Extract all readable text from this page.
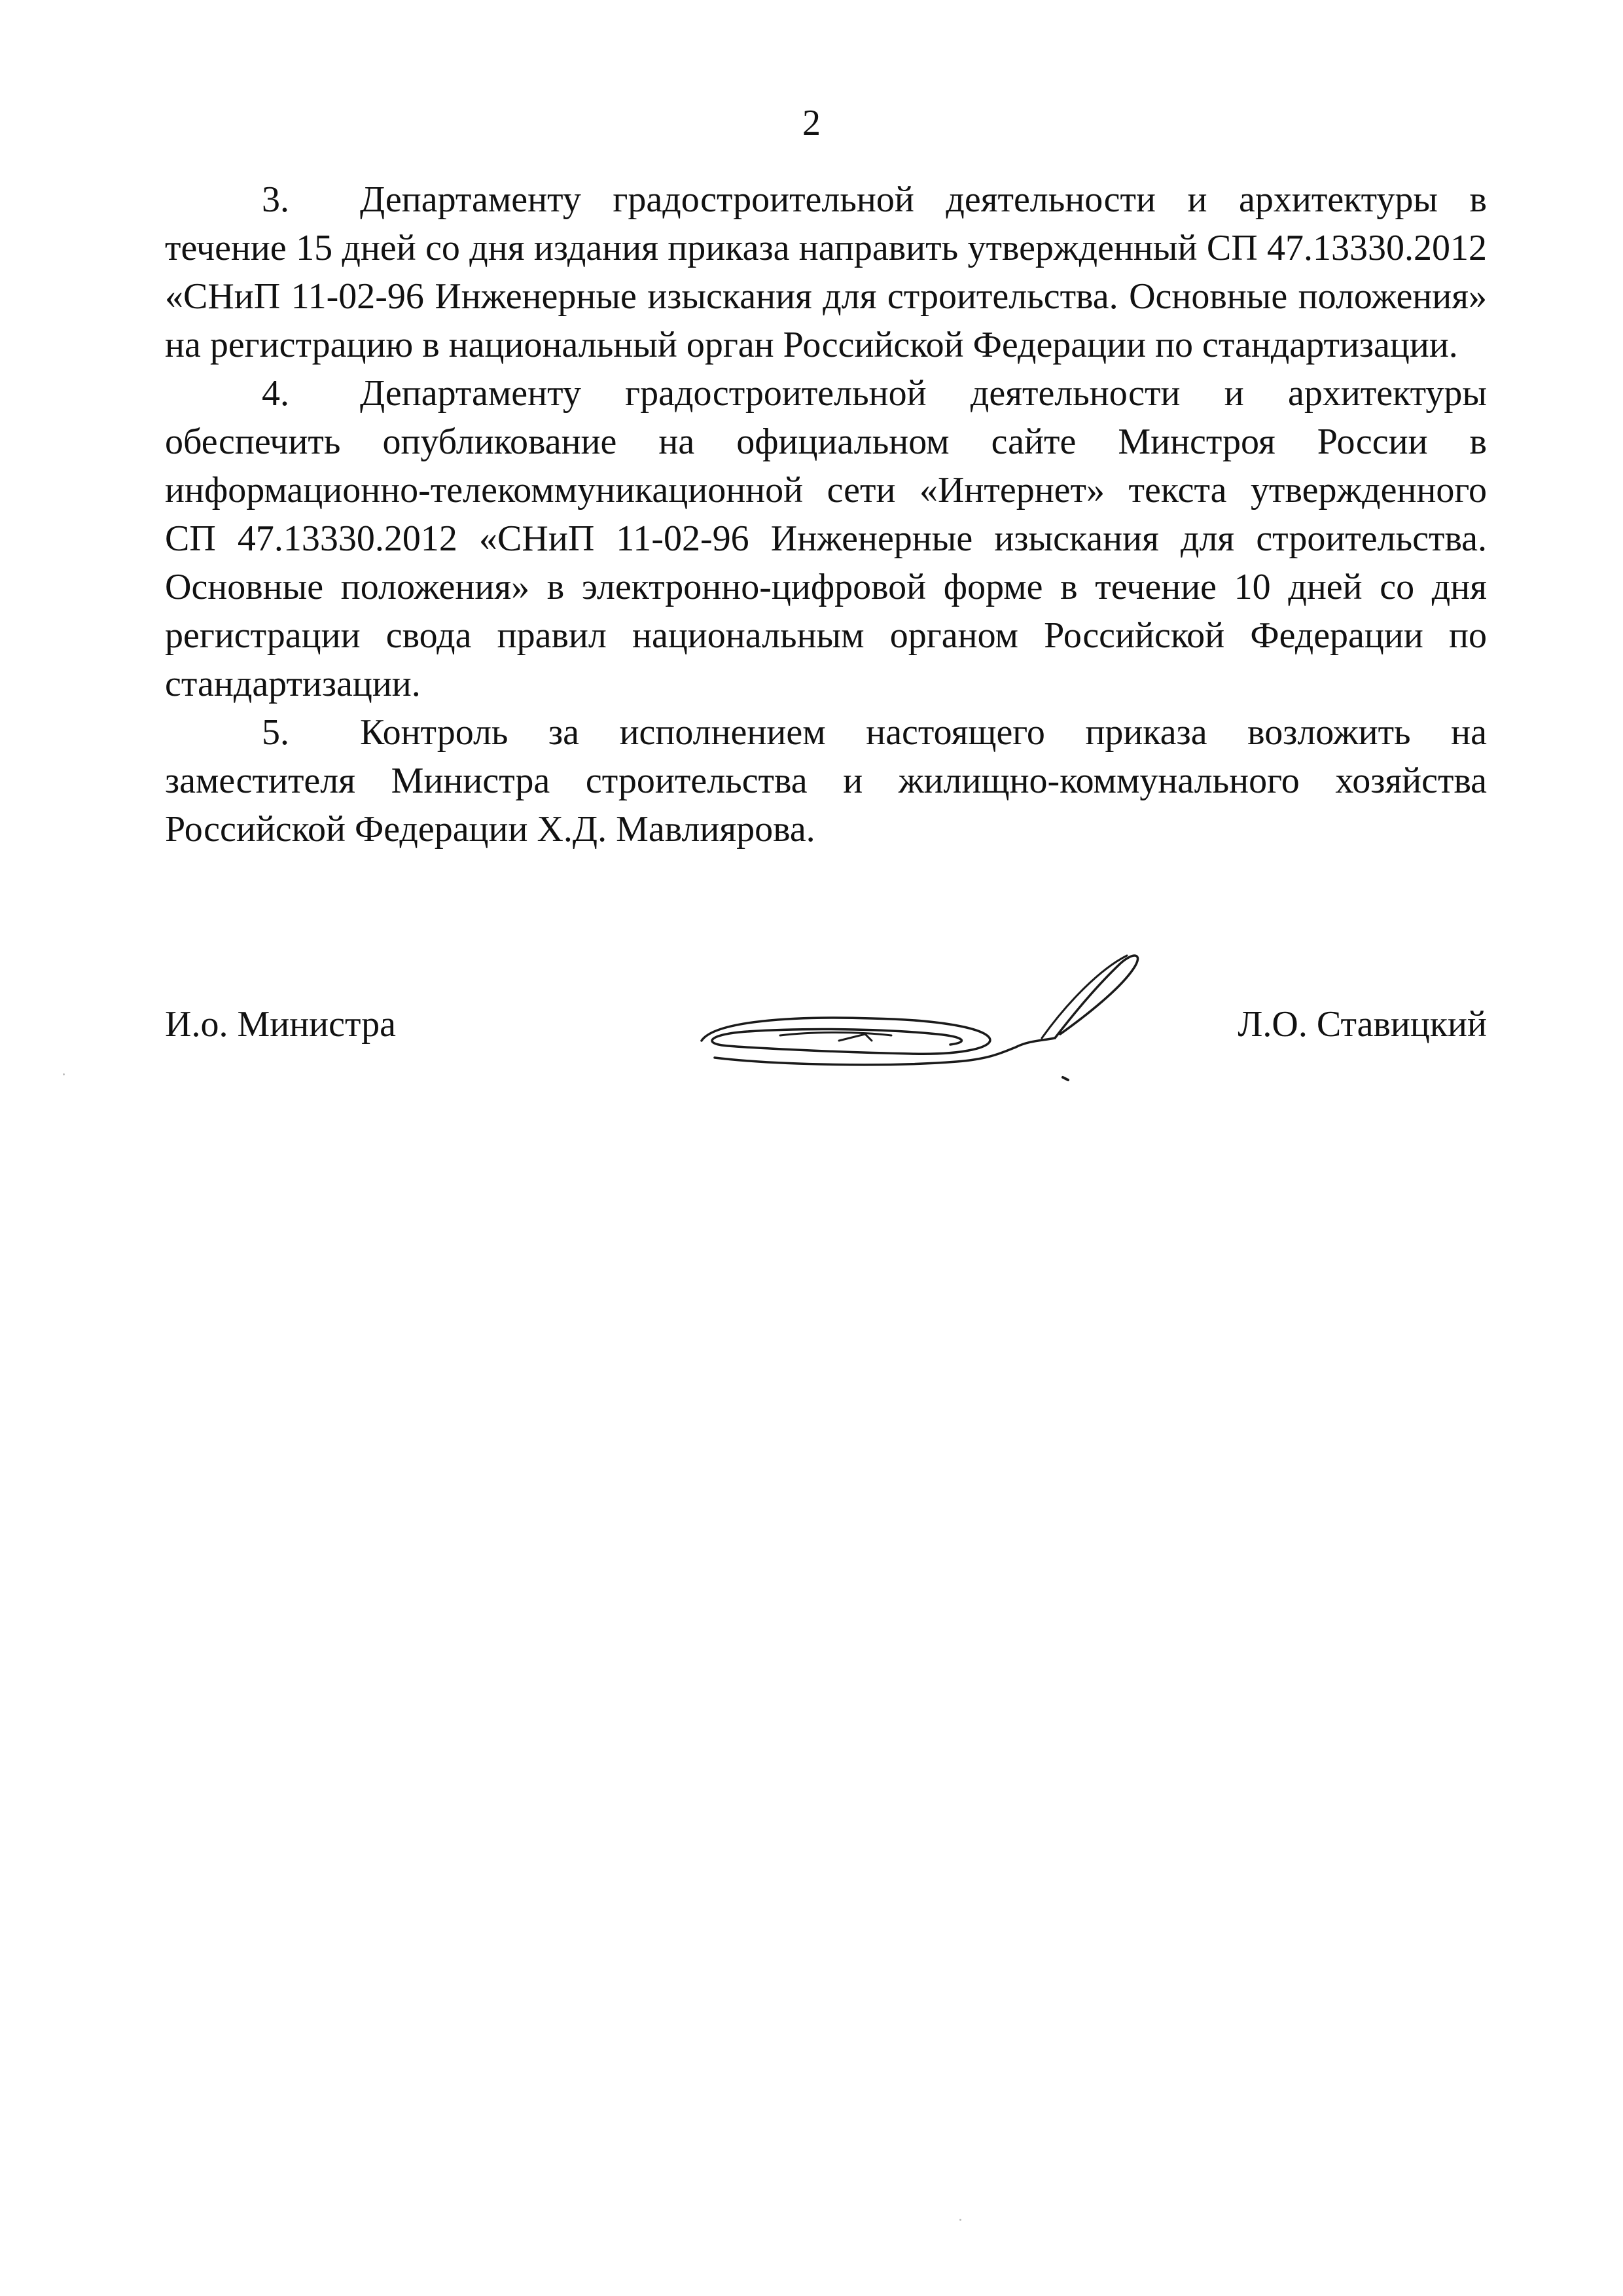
2

3. Департаменту градостроительной деятельности и архитектуры в течение 15 дней со дня издания приказа направить утвержденный СП 47.13330.2012 «СНиП 11-02-96 Инженерные изыскания для строительства. Основные положения» на регистрацию в национальный орган Российской Федерации по стандартизации.

4. Департаменту градостроительной деятельности и архитектуры обеспечить опубликование на официальном сайте Минстроя России в информационно-телекоммуникационной сети «Интернет» текста утвержденного СП 47.13330.2012 «СНиП 11-02-96 Инженерные изыскания для строительства. Основные положения» в электронно-цифровой форме в течение 10 дней со дня регистрации свода правил национальным органом Российской Федерации по стандартизации.

5. Контроль за исполнением настоящего приказа возложить на заместителя Министра строительства и жилищно-коммунального хозяйства Российской Федерации Х.Д. Мавлиярова.

И.о. Министра	Л.О. Ставицкий
